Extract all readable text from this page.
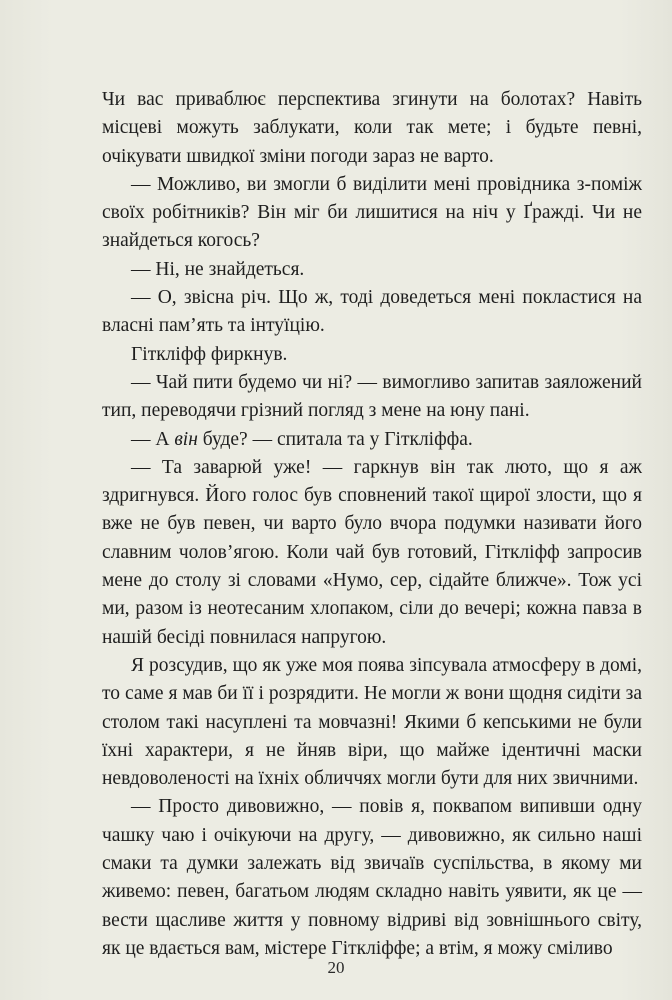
Чи вас приваблює перспектива згинути на болотах? Навіть місцеві можуть заблукати, коли так мете; і будьте певні, очікувати швидкої зміни погоди зараз не варто.

— Можливо, ви змогли б виділити мені провідника з-поміж своїх робітників? Він міг би лишитися на ніч у Ґражді. Чи не знайдеться когось?

— Ні, не знайдеться.

— О, звісна річ. Що ж, тоді доведеться мені покластися на власні пам’ять та інтуїцію.

Гіткліфф фиркнув.

— Чай пити будемо чи ні? — вимогливо запитав заяложений тип, переводячи грізний погляд з мене на юну пані.

— А він буде? — спитала та у Гіткліффа.

— Та заварюй уже! — гаркнув він так люто, що я аж здригнувся. Його голос був сповнений такої щирої злости, що я вже не був певен, чи варто було вчора подумки називати його славним чолов’ягою. Коли чай був готовий, Гіткліфф запросив мене до столу зі словами «Нумо, сер, сідайте ближче». Тож усі ми, разом із неотесаним хлопаком, сіли до вечері; кожна павза в нашій бесіді повнилася напругою.

Я розсудив, що як уже моя поява зіпсувала атмосферу в домі, то саме я мав би її і розрядити. Не могли ж вони щодня сидіти за столом такі насуплені та мовчазні! Якими б кепськими не були їхні характери, я не йняв віри, що майже ідентичні маски невдоволеності на їхніх обличчях могли бути для них звичними.

— Просто дивовижно, — повів я, поквапом випивши одну чашку чаю і очікуючи на другу, — дивовижно, як сильно наші смаки та думки залежать від звичаїв суспільства, в якому ми живемо: певен, багатьом людям складно навіть уявити, як це — вести щасливе життя у повному відриві від зовнішнього світу, як це вдається вам, містере Гіткліффе; а втім, я можу сміливо

20
